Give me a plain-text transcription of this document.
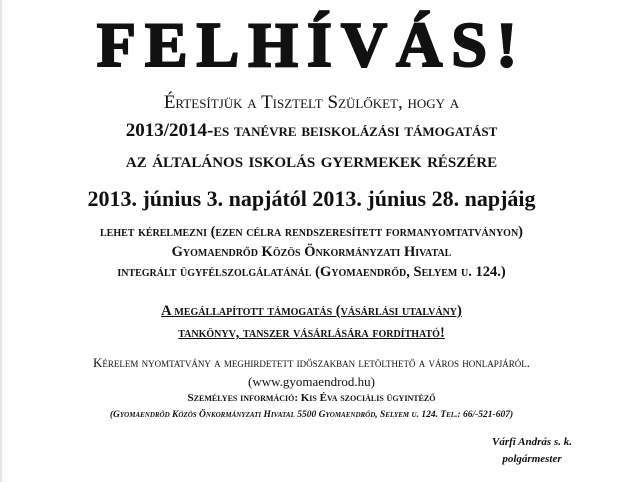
FELHÍVÁS!
Értesítjük a Tisztelt Szülőket, hogy a
2013/2014-es tanévre beiskolázási támogatást
az általános iskolás gyermekek részére
2013. június 3. napjától 2013. június 28. napjáig
lehet kérelmezni (ezen célra rendszeresített formanyomtatványon)
Gyomaendrőd Közös Önkormányzati Hivatal
integrált ügyfélszolgálatánál (Gyomaendrőd, Selyem u. 124.)
A megállapított támogatás (vásárlási utalvány)
tankönyv, tanszer vásárlására fordítható!
Kérelem nyomtatvány a meghirdetett időszakban letölthető a város honlapjáról.
(www.gyomaendrod.hu)
Személyes információ: Kis Éva szociális ügyintéző
(Gyomaendrőd Közös Önkormányzati Hivatal 5500 Gyomaendrőd, Selyem u. 124. Tel.: 66/-521-607)
Várfi András s. k.
polgármester
